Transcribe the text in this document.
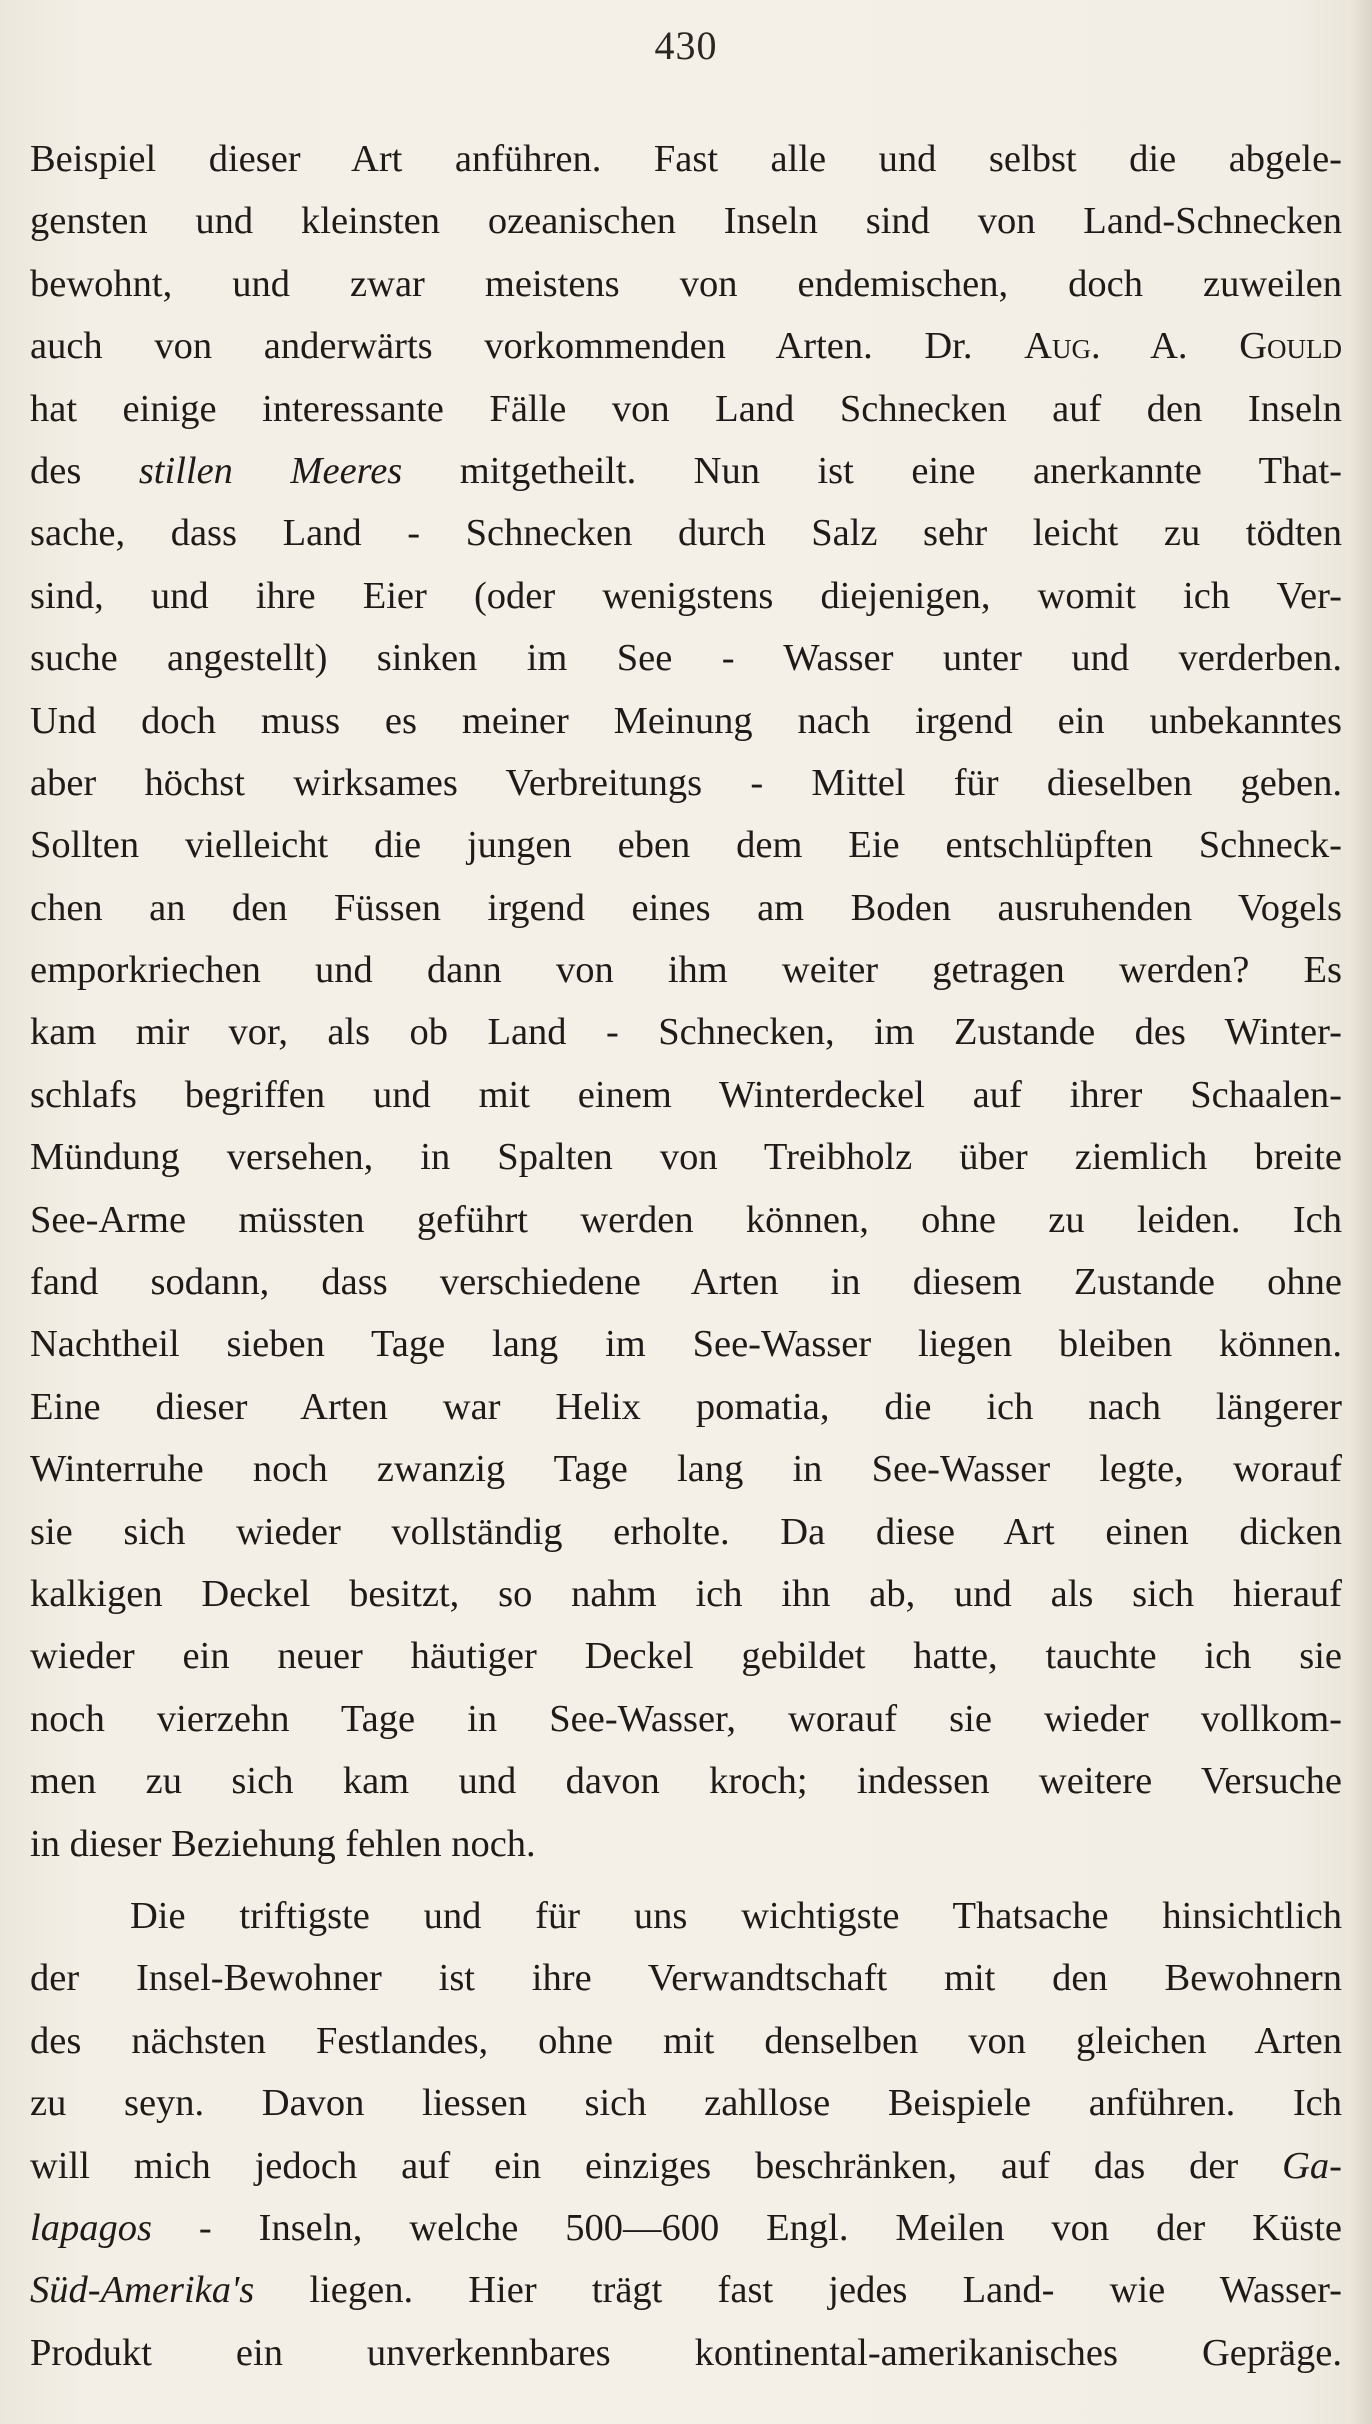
430
Beispiel dieser Art anführen. Fast alle und selbst die abgele-
gensten und kleinsten ozeanischen Inseln sind von Land-Schnecken
bewohnt, und zwar meistens von endemischen, doch zuweilen
auch von anderwärts vorkommenden Arten. Dr. Aug. A. Gould
hat einige interessante Fälle von Land Schnecken auf den Inseln
des stillen Meeres mitgetheilt. Nun ist eine anerkannte That-
sache, dass Land - Schnecken durch Salz sehr leicht zu tödten
sind, und ihre Eier (oder wenigstens diejenigen, womit ich Ver-
suche angestellt) sinken im See - Wasser unter und verderben.
Und doch muss es meiner Meinung nach irgend ein unbekanntes
aber höchst wirksames Verbreitungs - Mittel für dieselben geben.
Sollten vielleicht die jungen eben dem Eie entschlüpften Schneck-
chen an den Füssen irgend eines am Boden ausruhenden Vogels
emporkriechen und dann von ihm weiter getragen werden? Es
kam mir vor, als ob Land - Schnecken, im Zustande des Winter-
schlafs begriffen und mit einem Winterdeckel auf ihrer Schaalen-
Mündung versehen, in Spalten von Treibholz über ziemlich breite
See-Arme müssten geführt werden können, ohne zu leiden. Ich
fand sodann, dass verschiedene Arten in diesem Zustande ohne
Nachtheil sieben Tage lang im See-Wasser liegen bleiben können.
Eine dieser Arten war Helix pomatia, die ich nach längerer
Winterruhe noch zwanzig Tage lang in See-Wasser legte, worauf
sie sich wieder vollständig erholte. Da diese Art einen dicken
kalkigen Deckel besitzt, so nahm ich ihn ab, und als sich hierauf
wieder ein neuer häutiger Deckel gebildet hatte, tauchte ich sie
noch vierzehn Tage in See-Wasser, worauf sie wieder vollkom-
men zu sich kam und davon kroch; indessen weitere Versuche
in dieser Beziehung fehlen noch.
Die triftigste und für uns wichtigste Thatsache hinsichtlich
der Insel-Bewohner ist ihre Verwandtschaft mit den Bewohnern
des nächsten Festlandes, ohne mit denselben von gleichen Arten
zu seyn. Davon liessen sich zahllose Beispiele anführen. Ich
will mich jedoch auf ein einziges beschränken, auf das der Ga-
lapagos - Inseln, welche 500—600 Engl. Meilen von der Küste
Süd-Amerika's liegen. Hier trägt fast jedes Land- wie Wasser-
Produkt ein unverkennbares kontinental-amerikanisches Gepräge.
